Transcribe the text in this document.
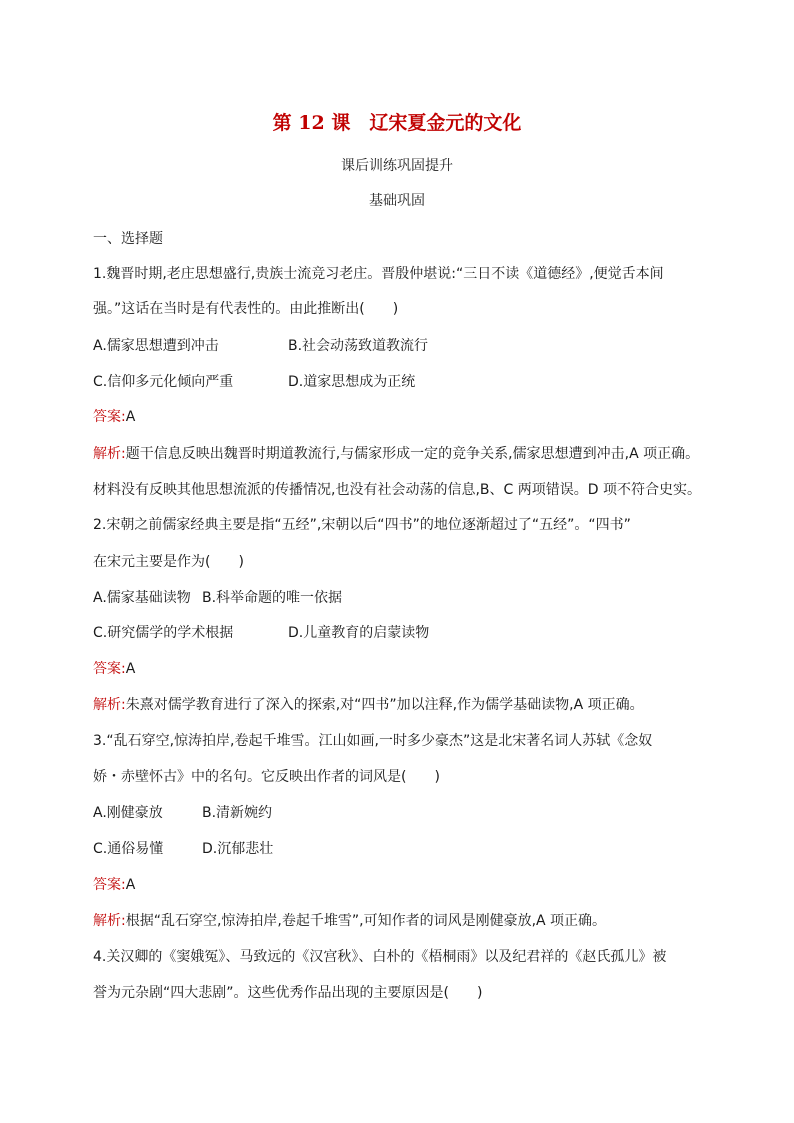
第 12 课　辽宋夏金元的文化
课后训练巩固提升
基础巩固
一、选择题
1.魏晋时期,老庄思想盛行,贵族士流竞习老庄。晋殷仲堪说:“三日不读《道德经》,便觉舌本间
强。”这话在当时是有代表性的。由此推断出(　　)
A.儒家思想遭到冲击	B.社会动荡致道教流行
C.信仰多元化倾向严重	D.道家思想成为正统
答案:A
解析:题干信息反映出魏晋时期道教流行,与儒家形成一定的竞争关系,儒家思想遭到冲击,A 项正确。
材料没有反映其他思想流派的传播情况,也没有社会动荡的信息,B、C 两项错误。D 项不符合史实。
2.宋朝之前儒家经典主要是指“五经”,宋朝以后“四书”的地位逐渐超过了“五经”。“四书”
在宋元主要是作为(　　)
A.儒家基础读物 B.科举命题的唯一依据
C.研究儒学的学术根据	D.儿童教育的启蒙读物
答案:A
解析:朱熹对儒学教育进行了深入的探索,对“四书”加以注释,作为儒学基础读物,A 项正确。
3.“乱石穿空,惊涛拍岸,卷起千堆雪。江山如画,一时多少豪杰”这是北宋著名词人苏轼《念奴
娇・赤壁怀古》中的名句。它反映出作者的词风是(　　)
A.刚健豪放	B.清新婉约
C.通俗易懂	D.沉郁悲壮
答案:A
解析:根据“乱石穿空,惊涛拍岸,卷起千堆雪”,可知作者的词风是刚健豪放,A 项正确。
4.关汉卿的《窦娥冤》、马致远的《汉宫秋》、白朴的《梧桐雨》以及纪君祥的《赵氏孤儿》被
誉为元杂剧“四大悲剧”。这些优秀作品出现的主要原因是(　　)
